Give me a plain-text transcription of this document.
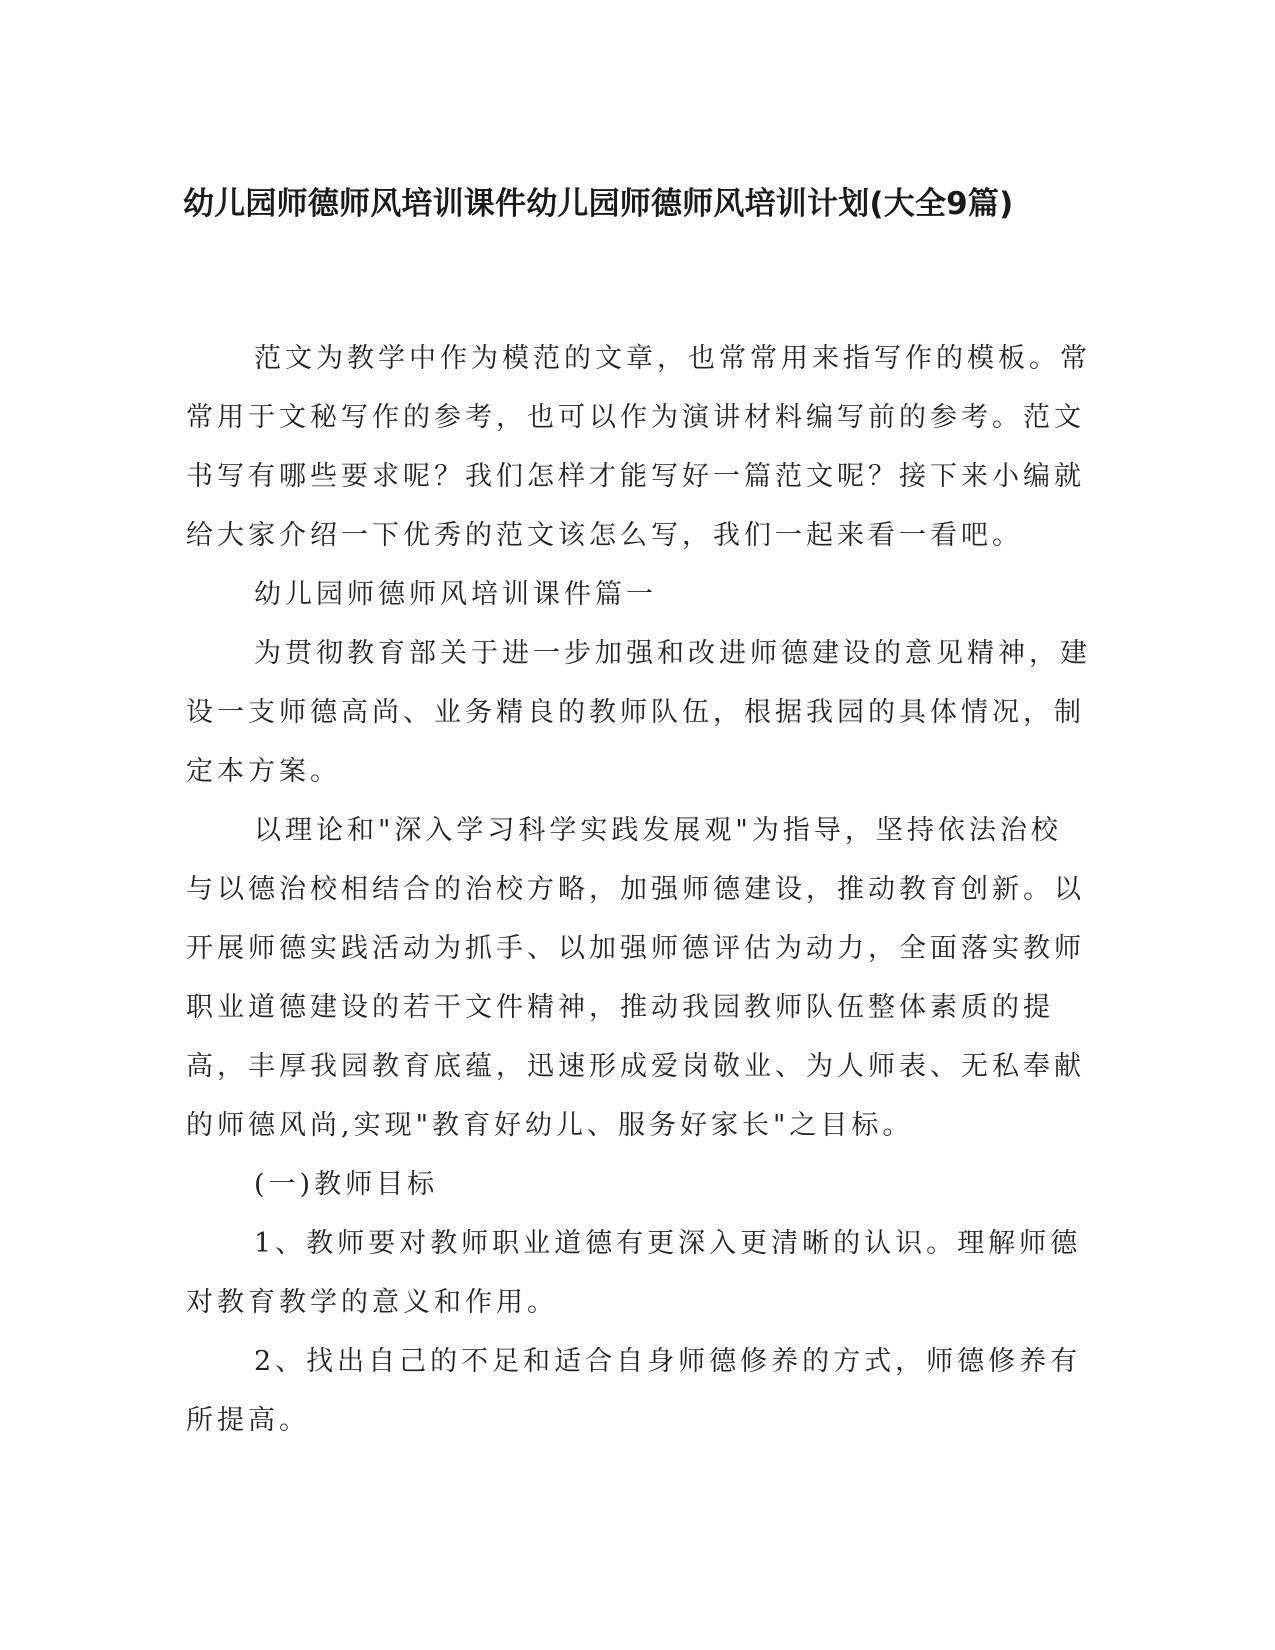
幼儿园师德师风培训课件幼儿园师德师风培训计划(大全9篇)

范文为教学中作为模范的文章，也常常用来指写作的模板。常常用于文秘写作的参考，也可以作为演讲材料编写前的参考。范文书写有哪些要求呢？我们怎样才能写好一篇范文呢？接下来小编就给大家介绍一下优秀的范文该怎么写，我们一起来看一看吧。

幼儿园师德师风培训课件篇一

为贯彻教育部关于进一步加强和改进师德建设的意见精神，建设一支师德高尚、业务精良的教师队伍，根据我园的具体情况，制定本方案。

以理论和"深入学习科学实践发展观"为指导，坚持依法治校与以德治校相结合的治校方略，加强师德建设，推动教育创新。以开展师德实践活动为抓手、以加强师德评估为动力，全面落实教师职业道德建设的若干文件精神，推动我园教师队伍整体素质的提高，丰厚我园教育底蕴，迅速形成爱岗敬业、为人师表、无私奉献的师德风尚,实现"教育好幼儿、服务好家长"之目标。

(一)教师目标

1、教师要对教师职业道德有更深入更清晰的认识。理解师德对教育教学的意义和作用。

2、找出自己的不足和适合自身师德修养的方式，师德修养有所提高。
